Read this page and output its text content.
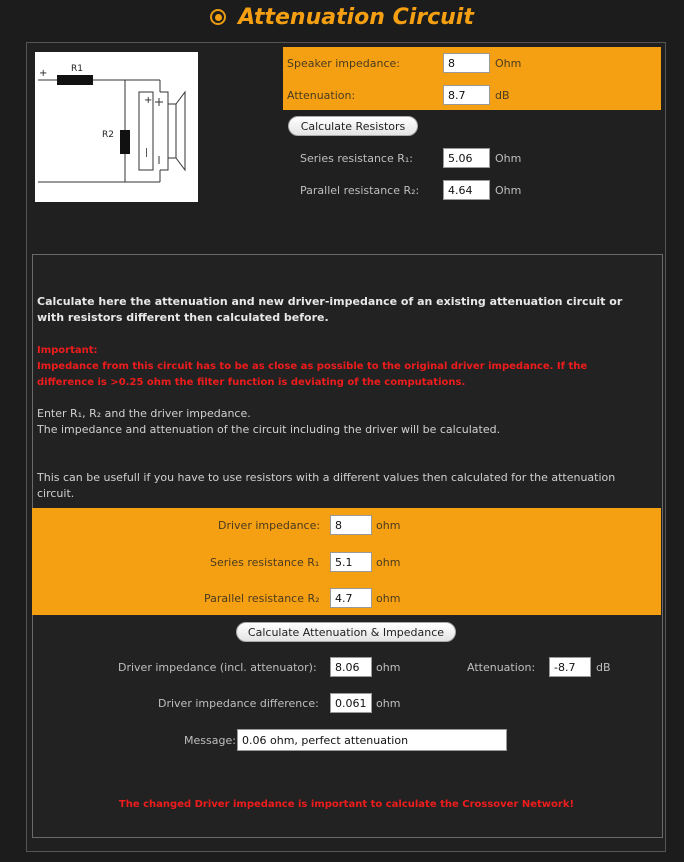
Attenuation Circuit
R1
R2
+
+
|
Speaker impedance:	8	Ohm
Attenuation:	8.7	dB
Calculate Resistors
Series resistance R₁:	5.06	Ohm
Parallel resistance R₂:	4.64	Ohm
Calculate here the attenuation and new driver-impedance of an existing attenuation circuit or with resistors different then calculated before.
Important:
Impedance from this circuit has to be as close as possible to the original driver impedance. If the difference is >0.25 ohm the filter function is deviating of the computations.
Enter R₁, R₂ and the driver impedance.
The impedance and attenuation of the circuit including the driver will be calculated.
This can be usefull if you have to use resistors with a different values then calculated for the attenuation circuit.
Driver impedance:	8	ohm
Series resistance R₁	5.1	ohm
Parallel resistance R₂	4.7	ohm
Calculate Attenuation & Impedance
Driver impedance (incl. attenuator):	8.06	ohm	Attenuation:	-8.7	dB
Driver impedance difference:	0.061 ohm
Message: 0.06 ohm, perfect attenuation
The changed Driver impedance is important to calculate the Crossover Network!
